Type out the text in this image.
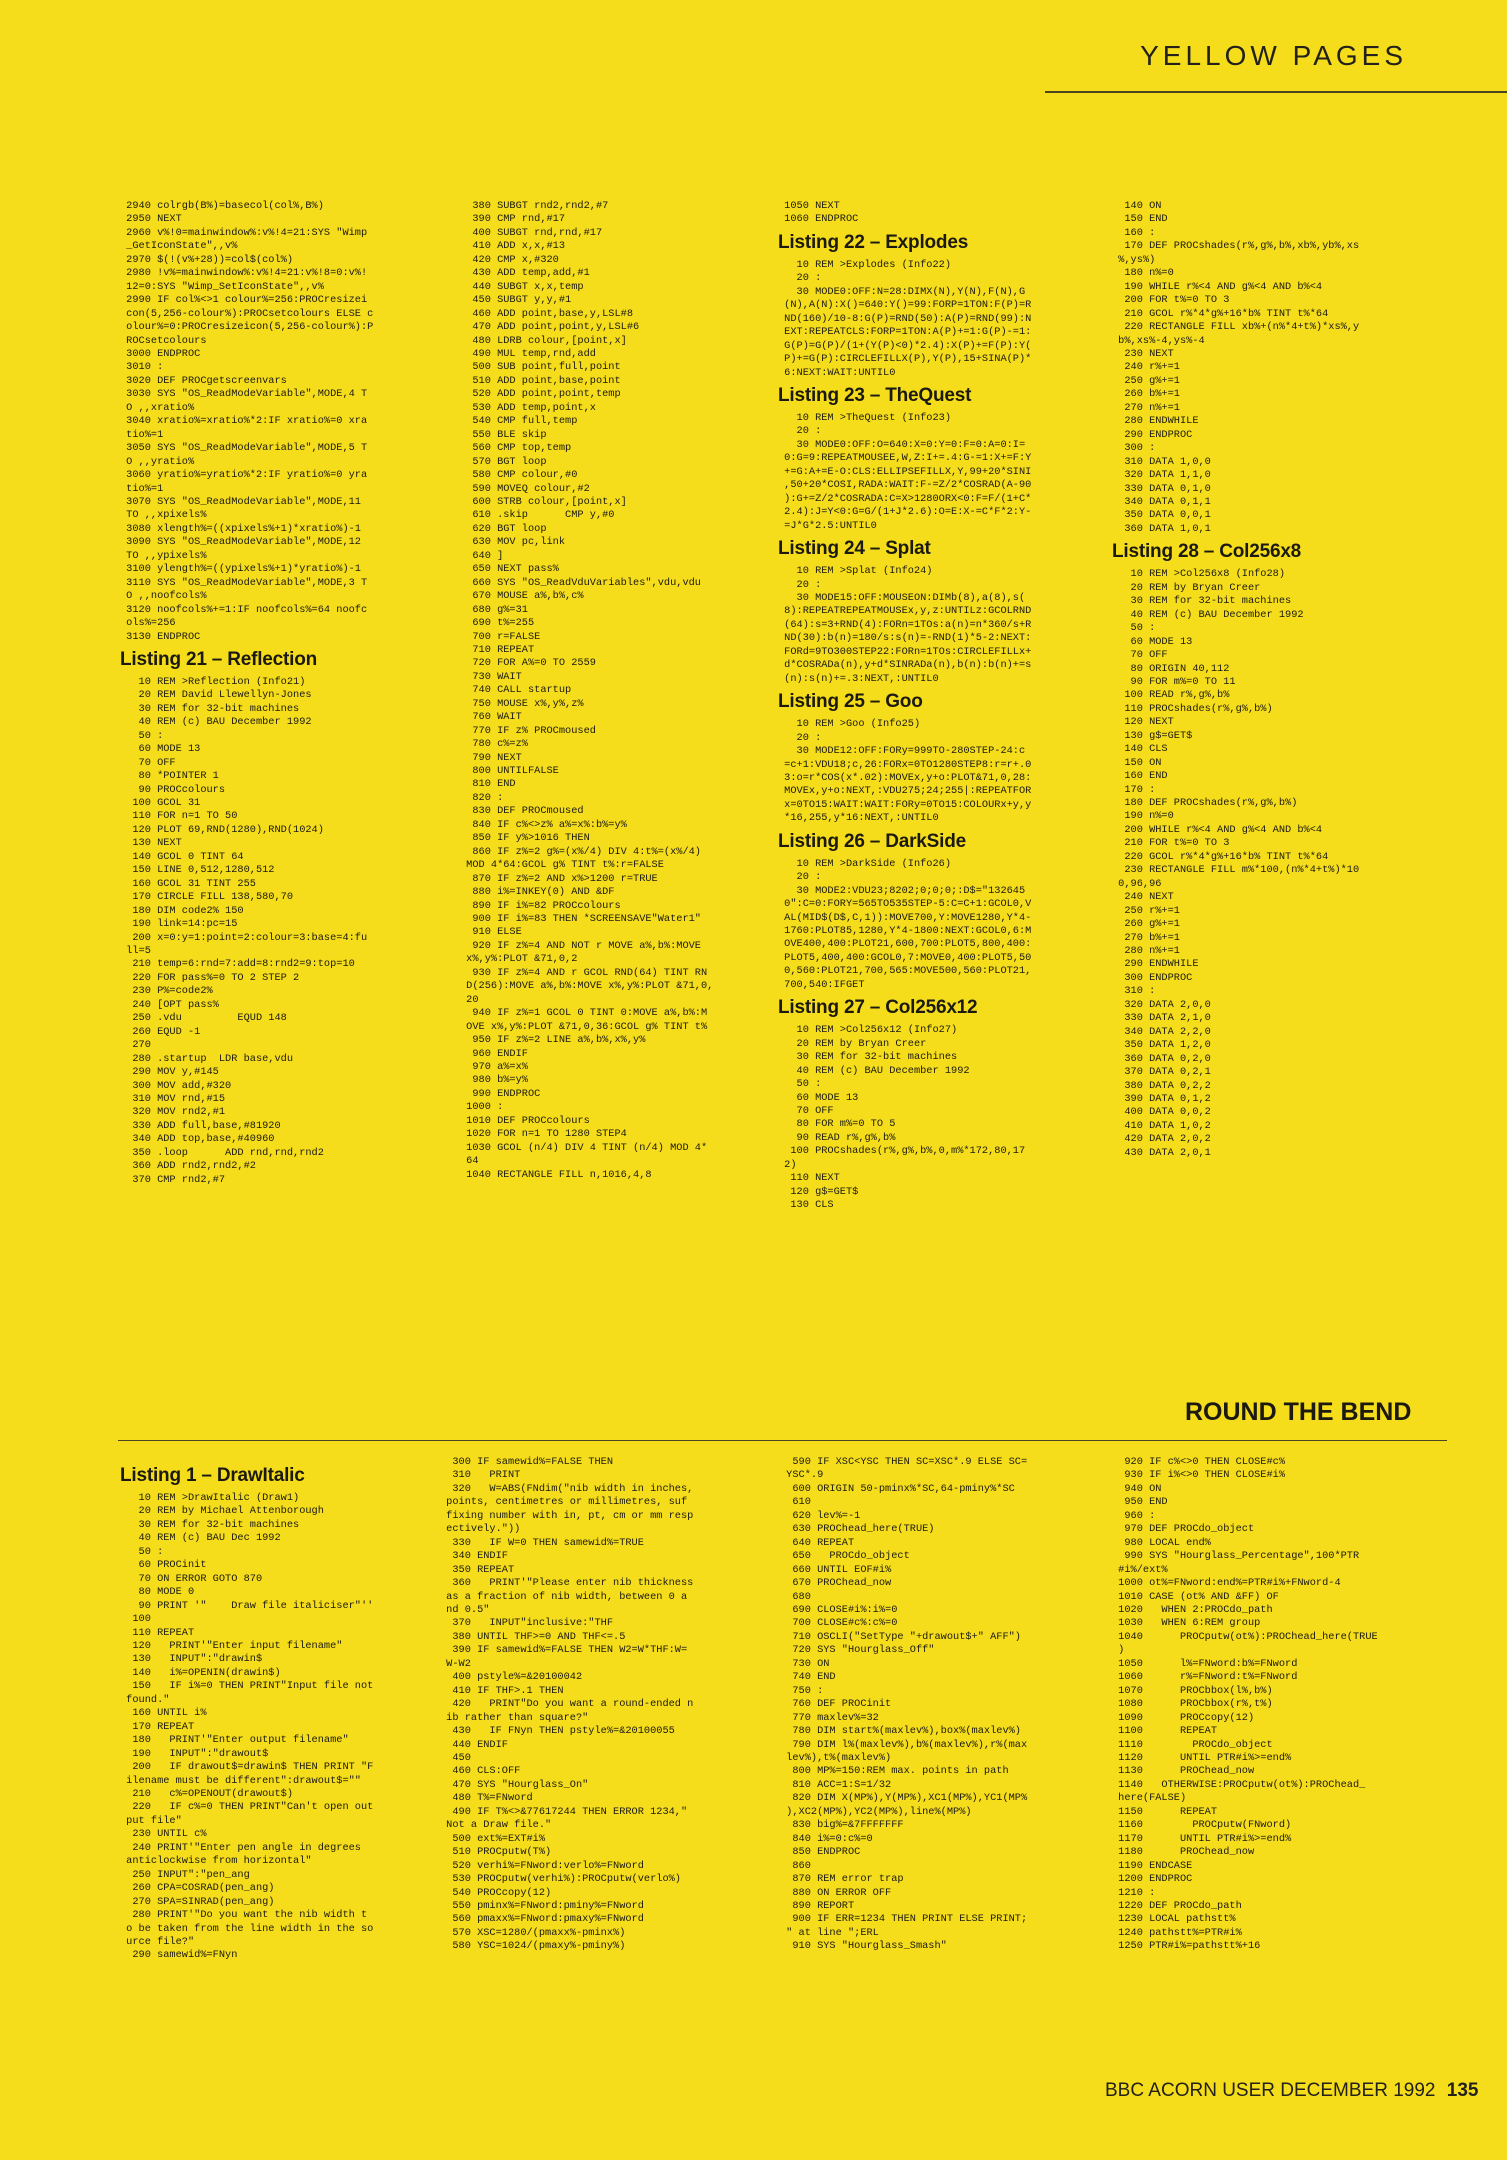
YELLOW PAGES
2940 colrgb(B%)=basecol(col%,B%)
2950 NEXT
2960 v%!0=mainwindow%:v%!4=21:SYS "Wimp
_GetIconState",,v%
2970 $(!(v%+28))=col$(col%)
2980 !v%=mainwindow%:v%!4=21:v%!8=0:v%!
12=0:SYS "Wimp_SetIconState",,v%
2990 IF col%<>1 colour%=256:PROCresizei
con(5,256-colour%):PROCsetcolours ELSE c
olour%=0:PROCresizeicon(5,256-colour%):P
ROCsetcolours
3000 ENDPROC
3010 :
3020 DEF PROCgetscreenvars
3030 SYS "OS_ReadModeVariable",MODE,4 T
O ,,xratio%
3040 xratio%=xratio%*2:IF xratio%=0 xra
tio%=1
3050 SYS "OS_ReadModeVariable",MODE,5 T
O ,,yratio%
3060 yratio%=yratio%*2:IF yratio%=0 yra
tio%=1
3070 SYS "OS_ReadModeVariable",MODE,11
TO ,,xpixels%
3080 xlength%=((xpixels%+1)*xratio%)-1
3090 SYS "OS_ReadModeVariable",MODE,12
TO ,,ypixels%
3100 ylength%=((ypixels%+1)*yratio%)-1
3110 SYS "OS_ReadModeVariable",MODE,3 T
O ,,noofcols%
3120 noofcols%+=1:IF noofcols%=64 noofc
ols%=256
3130 ENDPROC
Listing 21 – Reflection
10 REM >Reflection (Info21)
20 REM David Llewellyn-Jones
30 REM for 32-bit machines
40 REM (c) BAU December 1992
50 :
60 MODE 13
70 OFF
80 *POINTER 1
90 PROCcolours
100 GCOL 31
110 FOR n=1 TO 50
120 PLOT 69,RND(1280),RND(1024)
130 NEXT
140 GCOL 0 TINT 64
150 LINE 0,512,1280,512
160 GCOL 31 TINT 255
170 CIRCLE FILL 138,580,70
180 DIM code2% 150
190 link=14:pc=15
200 x=0:y=1:point=2:colour=3:base=4:fu
ll=5
210 temp=6:rnd=7:add=8:rnd2=9:top=10
220 FOR pass%=0 TO 2 STEP 2
230 P%=code2%
240 [OPT pass%
250 .vdu         EQUD 148
260 EQUD -1
270
280 .startup  LDR base,vdu
290 MOV y,#145
300 MOV add,#320
310 MOV rnd,#15
320 MOV rnd2,#1
330 ADD full,base,#81920
340 ADD top,base,#40960
350 .loop      ADD rnd,rnd,rnd2
360 ADD rnd2,rnd2,#2
370 CMP rnd2,#7
380 SUBGT rnd2,rnd2,#7
390 CMP rnd,#17
400 SUBGT rnd,rnd,#17
410 ADD x,x,#13
420 CMP x,#320
430 ADD temp,add,#1
440 SUBGT x,x,temp
450 SUBGT y,y,#1
460 ADD point,base,y,LSL#8
470 ADD point,point,y,LSL#6
480 LDRB colour,[point,x]
490 MUL temp,rnd,add
500 SUB point,full,point
510 ADD point,base,point
520 ADD point,point,temp
530 ADD temp,point,x
540 CMP full,temp
550 BLE skip
560 CMP top,temp
570 BGT loop
580 CMP colour,#0
590 MOVEQ colour,#2
600 STRB colour,[point,x]
610 .skip      CMP y,#0
620 BGT loop
630 MOV pc,link
640 ]
650 NEXT pass%
660 SYS "OS_ReadVduVariables",vdu,vdu
670 MOUSE a%,b%,c%
680 g%=31
690 t%=255
700 r=FALSE
710 REPEAT
720 FOR A%=0 TO 2559
730 WAIT
740 CALL startup
750 MOUSE x%,y%,z%
760 WAIT
770 IF z% PROCmoused
780 c%=z%
790 NEXT
800 UNTILFALSE
810 END
820 :
830 DEF PROCmoused
840 IF c%<>z% a%=x%:b%=y%
850 IF y%>1016 THEN
860 IF z%=2 g%=(x%/4) DIV 4:t%=(x%/4)
MOD 4*64:GCOL g% TINT t%:r=FALSE
870 IF z%=2 AND x%>1200 r=TRUE
880 i%=INKEY(0) AND &DF
890 IF i%=82 PROCcolours
900 IF i%=83 THEN *SCREENSAVE"Water1"
910 ELSE
920 IF z%=4 AND NOT r MOVE a%,b%:MOVE
x%,y%:PLOT &71,0,2
930 IF z%=4 AND r GCOL RND(64) TINT RN
D(256):MOVE a%,b%:MOVE x%,y%:PLOT &71,0,
20
940 IF z%=1 GCOL 0 TINT 0:MOVE a%,b%:M
OVE x%,y%:PLOT &71,0,36:GCOL g% TINT t%
950 IF z%=2 LINE a%,b%,x%,y%
960 ENDIF
970 a%=x%
980 b%=y%
990 ENDPROC
1000 :
1010 DEF PROCcolours
1020 FOR n=1 TO 1280 STEP4
1030 GCOL (n/4) DIV 4 TINT (n/4) MOD 4*
64
1040 RECTANGLE FILL n,1016,4,8
1050 NEXT
1060 ENDPROC
Listing 22 – Explodes
10 REM >Explodes (Info22)
20 :
30 MODE0:OFF:N=28:DIMX(N),Y(N),F(N),G
(N),A(N):X()=640:Y()=99:FORP=1TON:F(P)=R
ND(160)/10-8:G(P)=RND(50):A(P)=RND(99):N
EXT:REPEATCLS:FORP=1TON:A(P)+=1:G(P)-=1:
G(P)=G(P)/(1+(Y(P)<0)*2.4):X(P)+=F(P):Y(
P)+=G(P):CIRCLEFILLX(P),Y(P),15+SINA(P)*
6:NEXT:WAIT:UNTIL0
Listing 23 – TheQuest
10 REM >TheQuest (Info23)
20 :
30 MODE0:OFF:O=640:X=0:Y=0:F=0:A=0:I=
0:G=9:REPEATMOUSEE,W,Z:I+=.4:G-=1:X+=F:Y
+=G:A+=E-O:CLS:ELLIPSEFILLX,Y,99+20*SINI
,50+20*COSI,RADA:WAIT:F-=Z/2*COSRAD(A-90
):G+=Z/2*COSRADA:C=X>1280ORX<0:F=F/(1+C*
2.4):J=Y<0:G=G/(1+J*2.6):O=E:X-=C*F*2:Y-
=J*G*2.5:UNTIL0
Listing 24 – Splat
10 REM >Splat (Info24)
20 :
30 MODE15:OFF:MOUSEON:DIMb(8),a(8),s(
8):REPEATREPEATMOUSEx,y,z:UNTILz:GCOLRND
(64):s=3+RND(4):FORn=1TOs:a(n)=n*360/s+R
ND(30):b(n)=180/s:s(n)=-RND(1)*5-2:NEXT:
FORd=9TO300STEP22:FORn=1TOs:CIRCLEFILLx+
d*COSRADa(n),y+d*SINRADa(n),b(n):b(n)+=s
(n):s(n)+=.3:NEXT,:UNTIL0
Listing 25 – Goo
10 REM >Goo (Info25)
20 :
30 MODE12:OFF:FORy=999TO-280STEP-24:c
=c+1:VDU18;c,26:FORx=0TO1280STEP8:r=r+.0
3:o=r*COS(x*.02):MOVEx,y+o:PLOT&71,0,28:
MOVEx,y+o:NEXT,:VDU275;24;255|:REPEATFOR
x=0TO15:WAIT:WAIT:FORy=0TO15:COLOURx+y,y
*16,255,y*16:NEXT,:UNTIL0
Listing 26 – DarkSide
10 REM >DarkSide (Info26)
20 :
30 MODE2:VDU23;8202;0;0;0;:D$="132645
0":C=0:FORY=565TO535STEP-5:C=C+1:GCOL0,V
AL(MID$(D$,C,1)):MOVE700,Y:MOVE1280,Y*4-
1760:PLOT85,1280,Y*4-1800:NEXT:GCOL0,6:M
OVE400,400:PLOT21,600,700:PLOT5,800,400:
PLOT5,400,400:GCOL0,7:MOVE0,400:PLOT5,50
0,560:PLOT21,700,565:MOVE500,560:PLOT21,
700,540:IFGET
Listing 27 – Col256x12
10 REM >Col256x12 (Info27)
20 REM by Bryan Creer
30 REM for 32-bit machines
40 REM (c) BAU December 1992
50 :
60 MODE 13
70 OFF
80 FOR m%=0 TO 5
90 READ r%,g%,b%
100 PROCshades(r%,g%,b%,0,m%*172,80,17
2)
110 NEXT
120 g$=GET$
130 CLS
140 ON
150 END
160 :
170 DEF PROCshades(r%,g%,b%,xb%,yb%,xs
%,ys%)
180 n%=0
190 WHILE r%<4 AND g%<4 AND b%<4
200 FOR t%=0 TO 3
210 GCOL r%*4*g%+16*b% TINT t%*64
220 RECTANGLE FILL xb%+(n%*4+t%)*xs%,y
b%,xs%-4,ys%-4
230 NEXT
240 r%+=1
250 g%+=1
260 b%+=1
270 n%+=1
280 ENDWHILE
290 ENDPROC
300 :
310 DATA 1,0,0
320 DATA 1,1,0
330 DATA 0,1,0
340 DATA 0,1,1
350 DATA 0,0,1
360 DATA 1,0,1
Listing 28 – Col256x8
10 REM >Col256x8 (Info28)
20 REM by Bryan Creer
30 REM for 32-bit machines
40 REM (c) BAU December 1992
50 :
60 MODE 13
70 OFF
80 ORIGIN 40,112
90 FOR m%=0 TO 11
100 READ r%,g%,b%
110 PROCshades(r%,g%,b%)
120 NEXT
130 g$=GET$
140 CLS
150 ON
160 END
170 :
180 DEF PROCshades(r%,g%,b%)
190 n%=0
200 WHILE r%<4 AND g%<4 AND b%<4
210 FOR t%=0 TO 3
220 GCOL r%*4*g%+16*b% TINT t%*64
230 RECTANGLE FILL m%*100,(n%*4+t%)*10
0,96,96
240 NEXT
250 r%+=1
260 g%+=1
270 b%+=1
280 n%+=1
290 ENDWHILE
300 ENDPROC
310 :
320 DATA 2,0,0
330 DATA 2,1,0
340 DATA 2,2,0
350 DATA 1,2,0
360 DATA 0,2,0
370 DATA 0,2,1
380 DATA 0,2,2
390 DATA 0,1,2
400 DATA 0,0,2
410 DATA 1,0,2
420 DATA 2,0,2
430 DATA 2,0,1
ROUND THE BEND
Listing 1 – DrawItalic
10 REM >DrawItalic (Draw1)
20 REM by Michael Attenborough
30 REM for 32-bit machines
40 REM (c) BAU Dec 1992
50 :
60 PROCinit
70 ON ERROR GOTO 870
80 MODE 0
90 PRINT '"    Draw file italiciser"''
100
110 REPEAT
120   PRINT'"Enter input filename"
130   INPUT":"drawin$
140   i%=OPENIN(drawin$)
150   IF i%=0 THEN PRINT"Input file not
found."
160 UNTIL i%
170 REPEAT
180   PRINT'"Enter output filename"
190   INPUT":"drawout$
200   IF drawout$=drawin$ THEN PRINT "F
ilename must be different":drawout$=""
210   c%=OPENOUT(drawout$)
220   IF c%=0 THEN PRINT"Can't open out
put file"
230 UNTIL c%
240 PRINT'"Enter pen angle in degrees
anticlockwise from horizontal"
250 INPUT":"pen_ang
260 CPA=COSRAD(pen_ang)
270 SPA=SINRAD(pen_ang)
280 PRINT'"Do you want the nib width t
o be taken from the line width in the so
urce file?"
290 samewid%=FNyn
300 IF samewid%=FALSE THEN
310   PRINT
320   W=ABS(FNdim("nib width in inches,
points, centimetres or millimetres, suf
fixing number with in, pt, cm or mm resp
ectively."))
330   IF W=0 THEN samewid%=TRUE
340 ENDIF
350 REPEAT
360   PRINT'"Please enter nib thickness
as a fraction of nib width, between 0 a
nd 0.5"
370   INPUT"inclusive:"THF
380 UNTIL THF>=0 AND THF<=.5
390 IF samewid%=FALSE THEN W2=W*THF:W=
W-W2
400 pstyle%=&20100042
410 IF THF>.1 THEN
420   PRINT"Do you want a round-ended n
ib rather than square?"
430   IF FNyn THEN pstyle%=&20100055
440 ENDIF
450
460 CLS:OFF
470 SYS "Hourglass_On"
480 T%=FNword
490 IF T%<>&77617244 THEN ERROR 1234,"
Not a Draw file."
500 ext%=EXT#i%
510 PROCputw(T%)
520 verhi%=FNword:verlo%=FNword
530 PROCputw(verhi%):PROCputw(verlo%)
540 PROCcopy(12)
550 pminx%=FNword:pminy%=FNword
560 pmaxx%=FNword:pmaxy%=FNword
570 XSC=1280/(pmaxx%-pminx%)
580 YSC=1024/(pmaxy%-pminy%)
590 IF XSC<YSC THEN SC=XSC*.9 ELSE SC=
YSC*.9
600 ORIGIN 50-pminx%*SC,64-pminy%*SC
610
620 lev%=-1
630 PROChead_here(TRUE)
640 REPEAT
650   PROCdo_object
660 UNTIL EOF#i%
670 PROChead_now
680
690 CLOSE#i%:i%=0
700 CLOSE#c%:c%=0
710 OSCLI("SetType "+drawout$+" AFF")
720 SYS "Hourglass_Off"
730 ON
740 END
750 :
760 DEF PROCinit
770 maxlev%=32
780 DIM start%(maxlev%),box%(maxlev%)
790 DIM l%(maxlev%),b%(maxlev%),r%(max
lev%),t%(maxlev%)
800 MP%=150:REM max. points in path
810 ACC=1:S=1/32
820 DIM X(MP%),Y(MP%),XC1(MP%),YC1(MP%
),XC2(MP%),YC2(MP%),line%(MP%)
830 big%=&7FFFFFFF
840 i%=0:c%=0
850 ENDPROC
860
870 REM error trap
880 ON ERROR OFF
890 REPORT
900 IF ERR=1234 THEN PRINT ELSE PRINT;
" at line ";ERL
910 SYS "Hourglass_Smash"
920 IF c%<>0 THEN CLOSE#c%
930 IF i%<>0 THEN CLOSE#i%
940 ON
950 END
960 :
970 DEF PROCdo_object
980 LOCAL end%
990 SYS "Hourglass_Percentage",100*PTR
#i%/ext%
1000 ot%=FNword:end%=PTR#i%+FNword-4
1010 CASE (ot% AND &FF) OF
1020   WHEN 2:PROCdo_path
1030   WHEN 6:REM group
1040      PROCputw(ot%):PROChead_here(TRUE
)
1050      l%=FNword:b%=FNword
1060      r%=FNword:t%=FNword
1070      PROCbbox(l%,b%)
1080      PROCbbox(r%,t%)
1090      PROCcopy(12)
1100      REPEAT
1110        PROCdo_object
1120      UNTIL PTR#i%>=end%
1130      PROChead_now
1140   OTHERWISE:PROCputw(ot%):PROChead_
here(FALSE)
1150      REPEAT
1160        PROCputw(FNword)
1170      UNTIL PTR#i%>=end%
1180      PROChead_now
1190 ENDCASE
1200 ENDPROC
1210 :
1220 DEF PROCdo_path
1230 LOCAL pathstt%
1240 pathstt%=PTR#i%
1250 PTR#i%=pathstt%+16
BBC ACORN USER DECEMBER 1992 135
